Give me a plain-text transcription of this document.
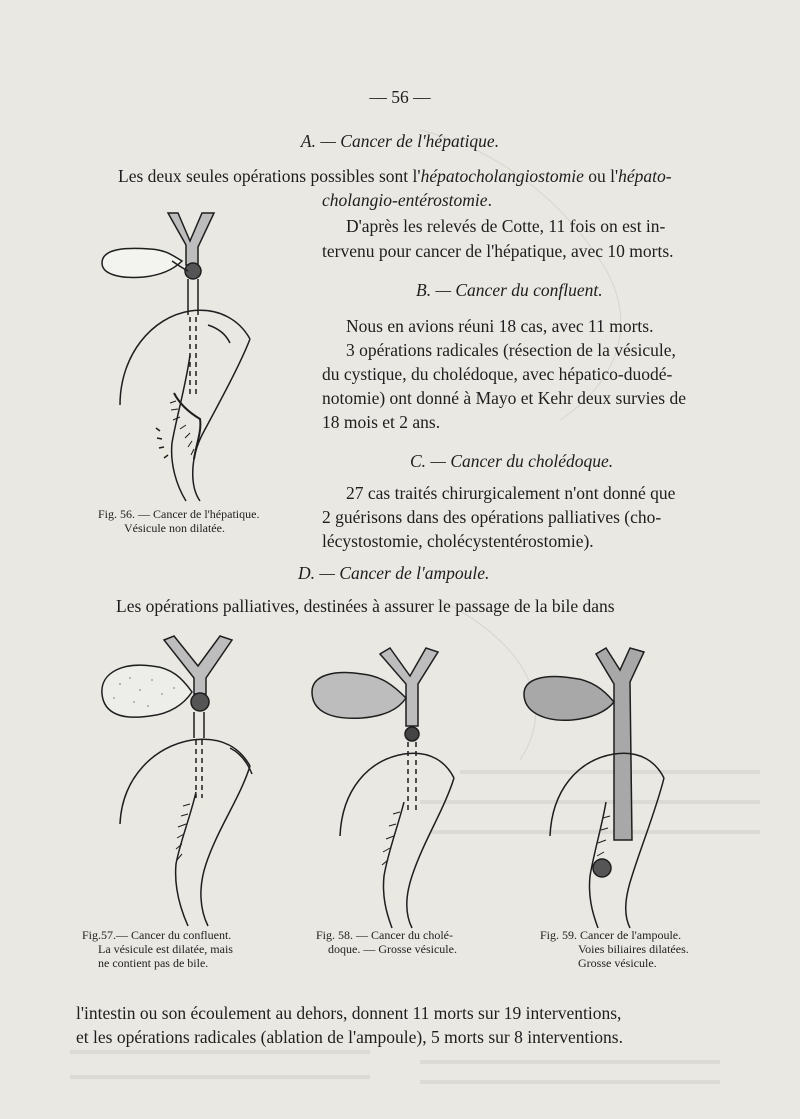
— 56 —
A. — Cancer de l'hépatique.
Les deux seules opérations possibles sont l'hépatocholangiostomie ou l'hépato-
cholangio-entérostomie.
D'après les relevés de Cotte, 11 fois on est in-
tervenu pour cancer de l'hépatique, avec 10 morts.
B. — Cancer du confluent.
Nous en avions réuni 18 cas, avec 11 morts.
3 opérations radicales (résection de la vésicule,
du cystique, du cholédoque, avec hépatico-duodé-
notomie) ont donné à Mayo et Kehr deux survies de
18 mois et 2 ans.
C. — Cancer du cholédoque.
27 cas traités chirurgicalement n'ont donné que
2 guérisons dans des opérations palliatives (cho-
lécystostomie, cholécystentérostomie).
D. — Cancer de l'ampoule.
Les opérations palliatives, destinées à assurer le passage de la bile dans
l'intestin ou son écoulement au dehors, donnent 11 morts sur 19 interventions,
et les opérations radicales (ablation de l'ampoule), 5 morts sur 8 interventions.
Fig. 56. — Cancer de l'hépatique.
Vésicule non dilatée.
Fig.57.— Cancer du confluent.
La vésicule est dilatée, mais
ne contient pas de bile.
Fig. 58. — Cancer du cholé-
doque. — Grosse vésicule.
Fig. 59. Cancer de l'ampoule.
Voies biliaires dilatées.
Grosse vésicule.
